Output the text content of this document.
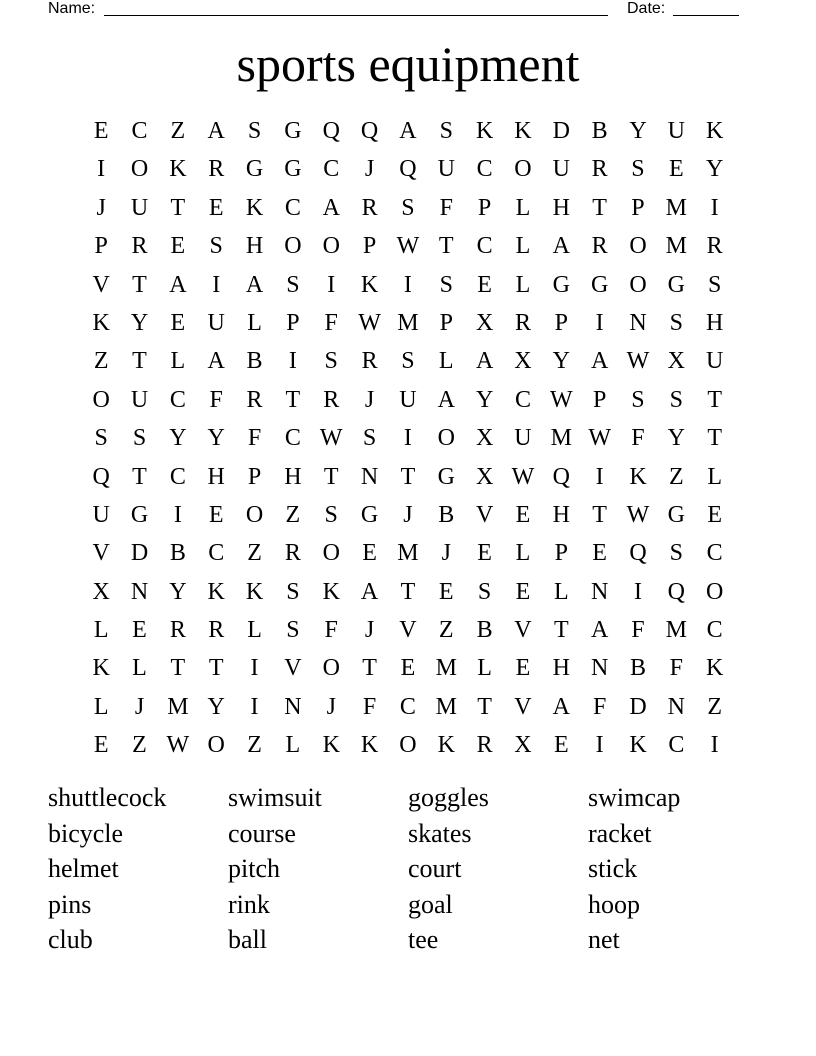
Name:	Date:
sports equipment
E C Z A S G Q Q A S K K D B Y U K
I	O K R G G C	J	Q U C O U R S	E Y
J	U T E K C A R S	F	P	L H T	P M I
P R E	S H O O P W T C L A R O M R
V T A	I	A S	I	K	I	S	E L G G O G S
K Y E U L	P	F W M P X R P	I	N S H
Z T L A B	I	S R S	L A X Y A W X U
O U C F R T R	J	U A Y C W P	S	S	T
S	S Y Y F C W S	I	O X U M W F Y T
Q T C H P H T N T G X W Q	I	K Z L
U G	I	E O Z	S G	J	B V E H T W G E
V D B C Z R O E M J	E L	P	E Q S C
X N Y K K S K A T E	S	E L N	I	Q O
L E R R L	S	F	J	V Z B V T A F M C
K L T T	I	V O T E M L E H N B F K
L	J M Y	I	N	J	F C M T V A F D N Z
E Z W O Z L K K O K R X E	I	K C	I
shuttlecock	swimsuit	goggles	swimcap
bicycle	course	skates	racket
helmet	pitch	court	stick
pins	rink	goal	hoop
club	ball	tee	net
